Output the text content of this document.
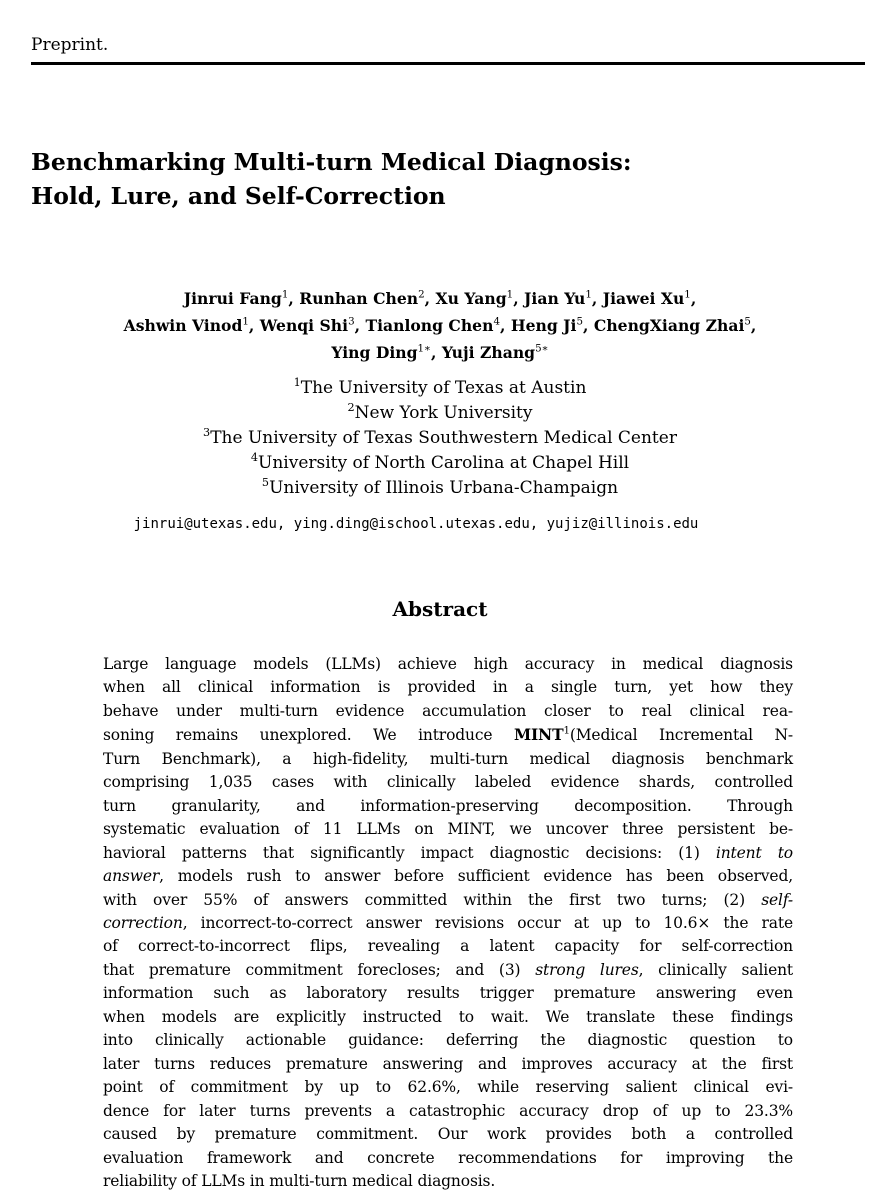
Preprint.
Benchmarking Multi-turn Medical Diagnosis:
Hold, Lure, and Self-Correction
Jinrui Fang$^1$, Runhan Chen$^2$, Xu Yang$^1$, Jian Yu$^1$, Jiawei Xu$^1$,
Ashwin Vinod$^1$, Wenqi Shi$^3$, Tianlong Chen$^4$, Heng Ji$^5$, ChengXiang Zhai$^5$,
Ying Ding$^{1∗}$, Yuji Zhang$^{5∗}$
$^1$The University of Texas at Austin
$^2$New York University
$^3$The University of Texas Southwestern Medical Center
$^4$University of North Carolina at Chapel Hill
$^5$University of Illinois Urbana-Champaign
jinrui@utexas.edu, ying.ding@ischool.utexas.edu, yujiz@illinois.edu
Abstract
Large language models (LLMs) achieve high accuracy in medical diagnosis
when all clinical information is provided in a single turn, yet how they
behave under multi-turn evidence accumulation closer to real clinical rea-
soning remains unexplored. We introduce MINT$^1$(Medical Incremental N-
Turn Benchmark), a high-fidelity, multi-turn medical diagnosis benchmark
comprising 1,035 cases with clinically labeled evidence shards, controlled
turn granularity, and information-preserving decomposition. Through
systematic evaluation of 11 LLMs on MINT, we uncover three persistent be-
havioral patterns that significantly impact diagnostic decisions: (1) intent to
answer, models rush to answer before sufficient evidence has been observed,
with over 55% of answers committed within the first two turns; (2) self-
correction, incorrect-to-correct answer revisions occur at up to 10.6× the rate
of correct-to-incorrect flips, revealing a latent capacity for self-correction
that premature commitment forecloses; and (3) strong lures, clinically salient
information such as laboratory results trigger premature answering even
when models are explicitly instructed to wait. We translate these findings
into clinically actionable guidance: deferring the diagnostic question to
later turns reduces premature answering and improves accuracy at the first
point of commitment by up to 62.6%, while reserving salient clinical evi-
dence for later turns prevents a catastrophic accuracy drop of up to 23.3%
caused by premature commitment. Our work provides both a controlled
evaluation framework and concrete recommendations for improving the
reliability of LLMs in multi-turn medical diagnosis.
